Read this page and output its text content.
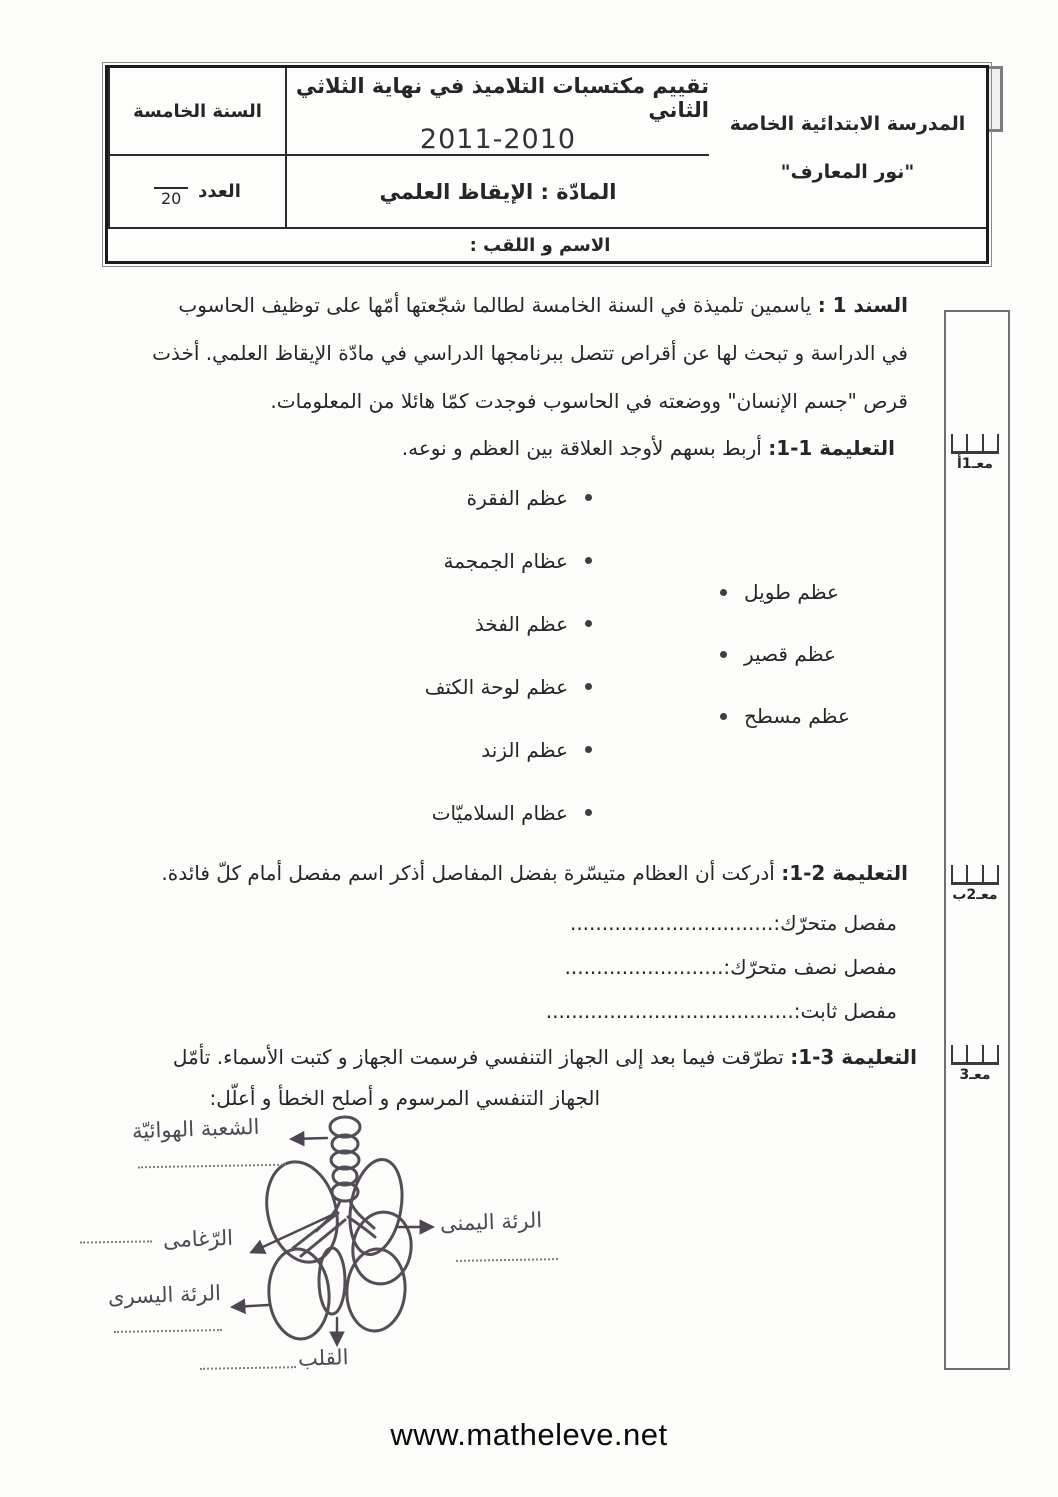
السنة الخامسة
العدد
20
تقييم مكتسبات التلاميذ في نهاية الثلاثي الثاني
2011-2010
المادّة : الإيقاظ العلمي
المدرسة الابتدائية الخاصة
"نور المعارف"
الاسم و اللقب :
معـ1أ
معـ2ب
معـ3
السند 1 : ياسمين تلميذة في السنة الخامسة لطالما شجّعتها أمّها على توظيف الحاسوب
في الدراسة و تبحث لها عن أقراص تتصل ببرنامجها الدراسي في مادّة الإيقاظ العلمي. أخذت
قرص "جسم الإنسان" ووضعته في الحاسوب فوجدت كمّا هائلا من المعلومات.
التعليمة 1-1: أربط بسهم لأوجد العلاقة بين العظم و نوعه.
عظم الفقرة
عظام الجمجمة
عظم الفخذ
عظم لوحة الكتف
عظم الزند
عظام السلاميّات
عظم طويل
عظم قصير
عظم مسطح
التعليمة 2-1: أدركت أن العظام متيسّرة بفضل المفاصل أذكر اسم مفصل أمام كلّ فائدة.
مفصل متحرّك:................................
مفصل نصف متحرّك:.........................
مفصل ثابت:.......................................
التعليمة 3-1: تطرّقت فيما بعد إلى الجهاز التنفسي فرسمت الجهاز و كتبت الأسماء. تأمّل
الجهاز التنفسي المرسوم و أصلح الخطأ و أعلّل:
الشعبة الهوائيّة
الرئة اليمنى
الرّغامى
الرئة اليسرى
القلب
www.matheleve.net
